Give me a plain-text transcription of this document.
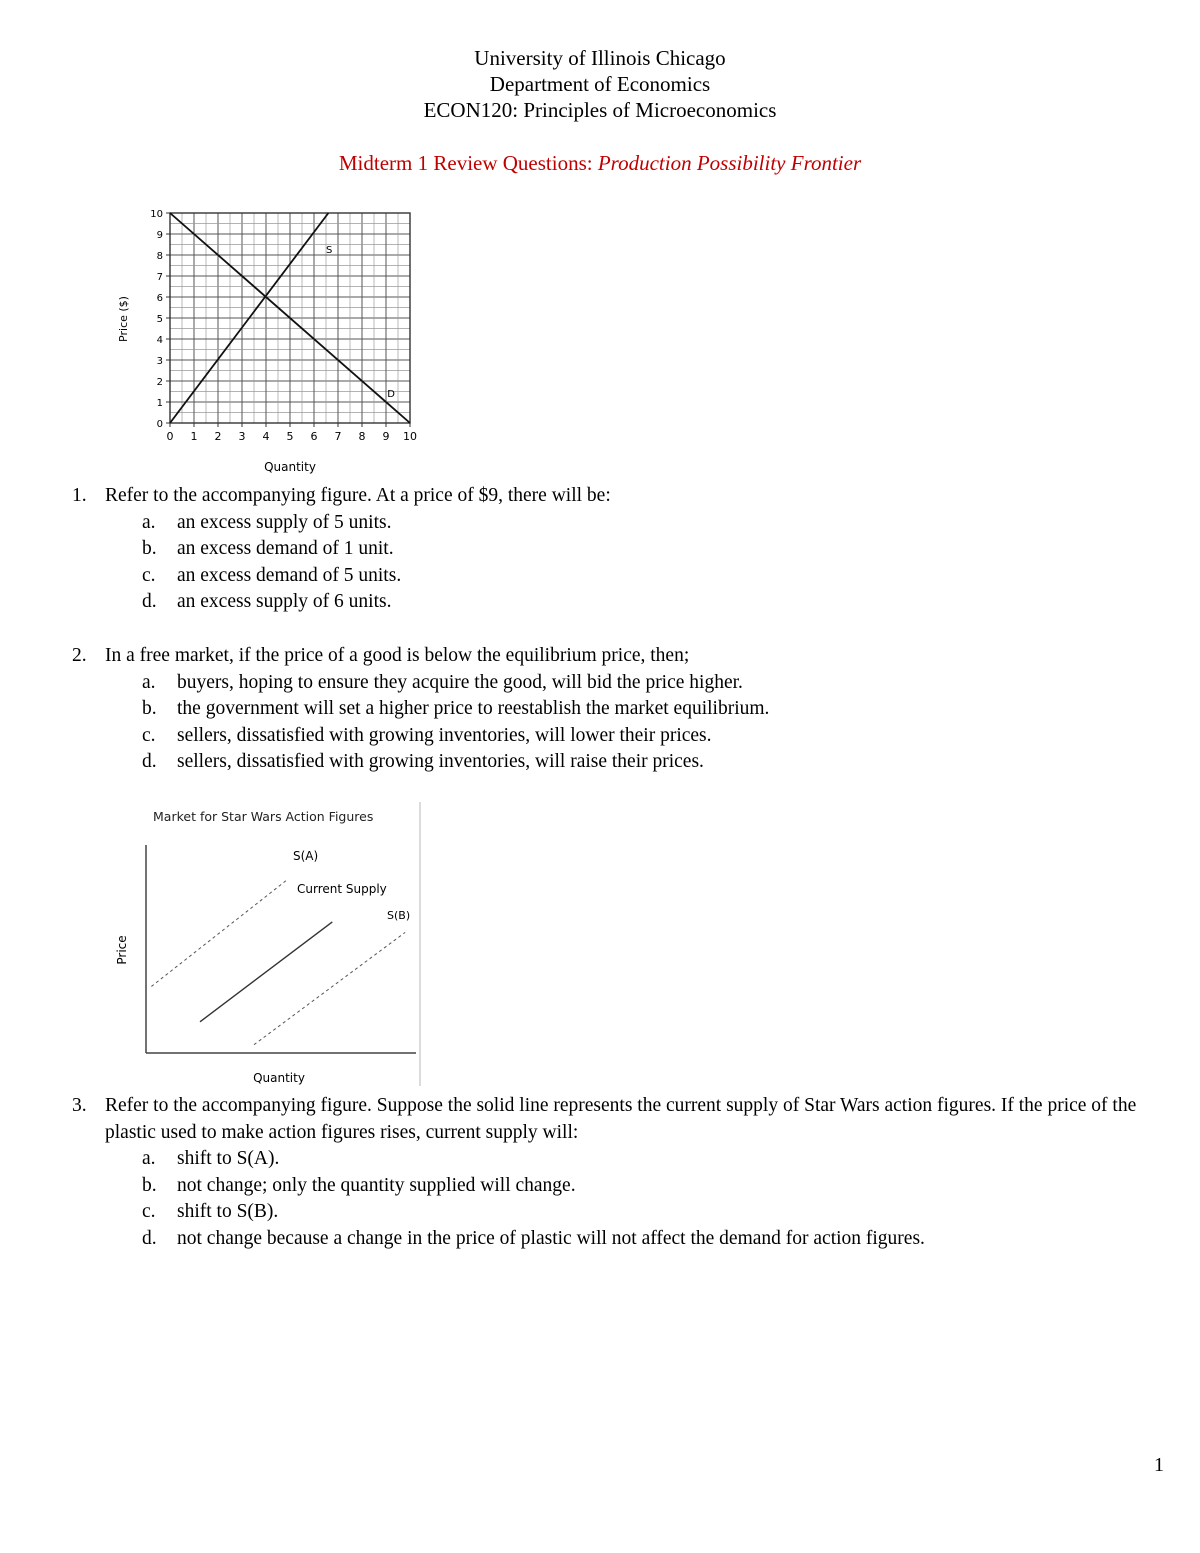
University of Illinois Chicago
Department of Economics
ECON120: Principles of Microeconomics
Midterm 1 Review Questions: Production Possibility Frontier
0 1 2 3 4 5 6 7 8 9 10
0
1
2
3
4
5
6
7
8
9
10
S
D
Quantity
Price ($)
Market for Star Wars Action Figures
Price
Quantity
S(A)
Current Supply
S(B)
1. Refer to the accompanying figure. At a price of $9, there will be:
a. an excess supply of 5 units.
b. an excess demand of 1 unit.
c. an excess demand of 5 units.
d. an excess supply of 6 units.
2. In a free market, if the price of a good is below the equilibrium price, then;
a. buyers, hoping to ensure they acquire the good, will bid the price higher.
b. the government will set a higher price to reestablish the market equilibrium.
c. sellers, dissatisfied with growing inventories, will lower their prices.
d. sellers, dissatisfied with growing inventories, will raise their prices.
3. Refer to the accompanying figure. Suppose the solid line represents the current supply of Star Wars action figures. If the price of the plastic used to make action figures rises, current supply will:
a. shift to S(A).
b. not change; only the quantity supplied will change.
c. shift to S(B).
d. not change because a change in the price of plastic will not affect the demand for action figures.
1
